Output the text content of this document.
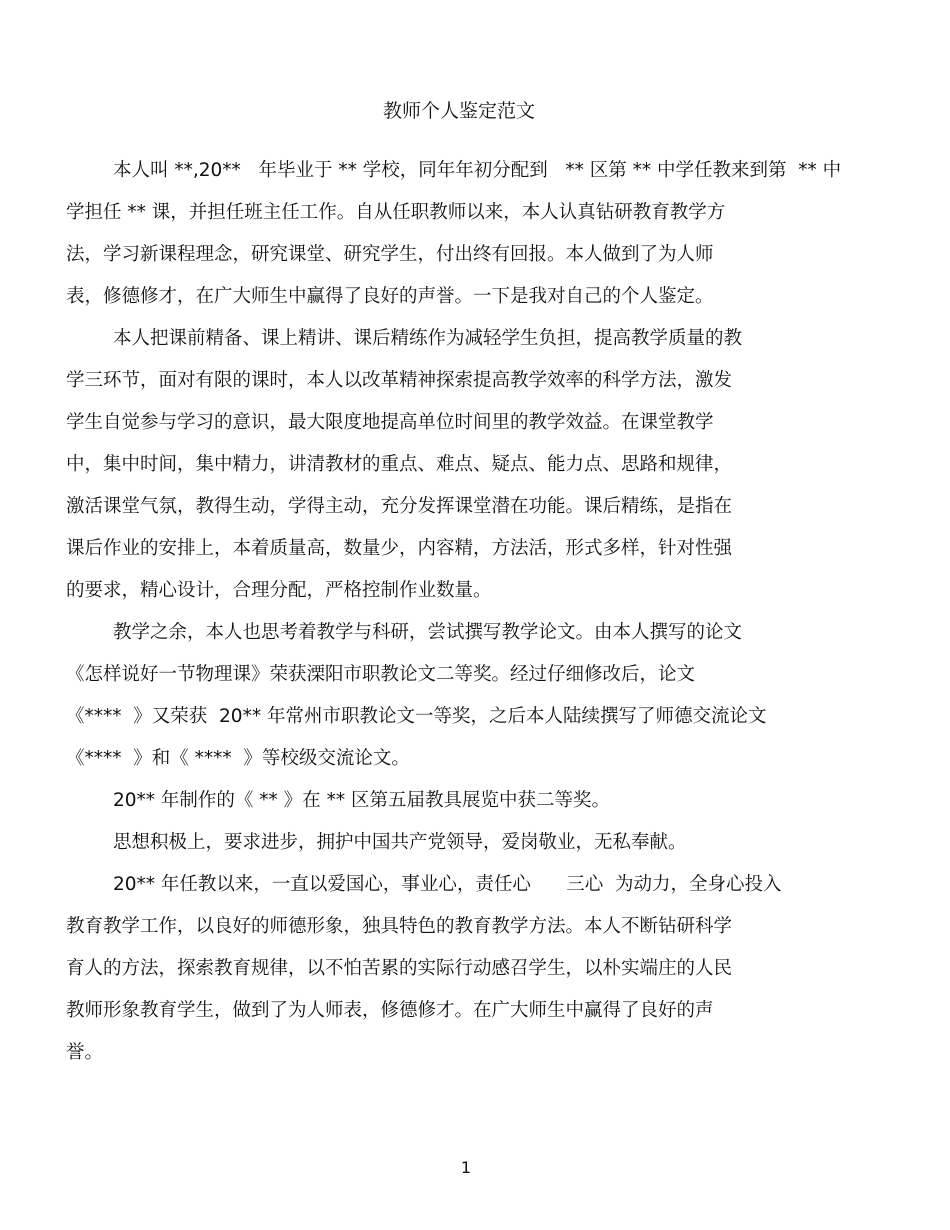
教师个人鉴定范文
本人叫 **,20**   年毕业于 ** 学校，同年年初分配到   ** 区第 ** 中学任教来到第  ** 中
学担任 ** 课，并担任班主任工作。自从任职教师以来，本人认真钻研教育教学方
法，学习新课程理念，研究课堂、研究学生，付出终有回报。本人做到了为人师
表，修德修才，在广大师生中赢得了良好的声誉。一下是我对自己的个人鉴定。
本人把课前精备、课上精讲、课后精练作为减轻学生负担，提高教学质量的教
学三环节，面对有限的课时，本人以改革精神探索提高教学效率的科学方法，激发
学生自觉参与学习的意识，最大限度地提高单位时间里的教学效益。在课堂教学
中，集中时间，集中精力，讲清教材的重点、难点、疑点、能力点、思路和规律，
激活课堂气氛，教得生动，学得主动，充分发挥课堂潜在功能。课后精练，是指在
课后作业的安排上，本着质量高，数量少，内容精，方法活，形式多样，针对性强
的要求，精心设计，合理分配，严格控制作业数量。
教学之余，本人也思考着教学与科研，尝试撰写教学论文。由本人撰写的论文
《怎样说好一节物理课》荣获溧阳市职教论文二等奖。经过仔细修改后，论文
《****  》又荣获  20** 年常州市职教论文一等奖，之后本人陆续撰写了师德交流论文
《****  》和《 ****  》等校级交流论文。
20** 年制作的《 ** 》在 ** 区第五届教具展览中获二等奖。
思想积极上，要求进步，拥护中国共产党领导，爱岗敬业，无私奉献。
20** 年任教以来，一直以爱国心，事业心，责任心      三心  为动力，全身心投入
教育教学工作，以良好的师德形象，独具特色的教育教学方法。本人不断钻研科学
育人的方法，探索教育规律，以不怕苦累的实际行动感召学生，以朴实端庄的人民
教师形象教育学生，做到了为人师表，修德修才。在广大师生中赢得了良好的声
誉。
1
